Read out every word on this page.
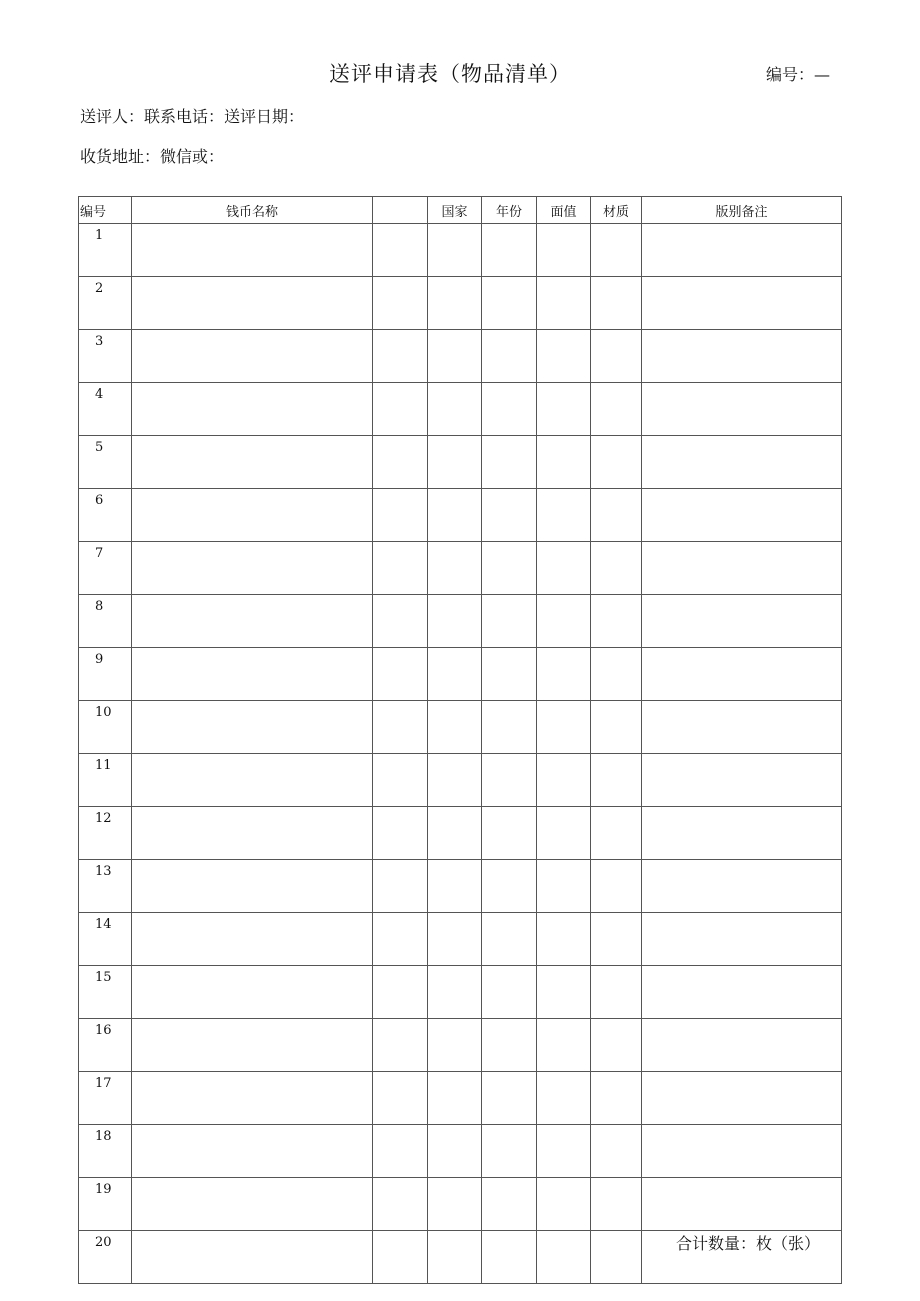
送评申请表（物品清单）	编号：—
送评人：联系电话：送评日期：
收货地址：微信或：
编号	钱币名称		国家	年份	面值	材质	版别备注
1							
2							
3							
4							
5							
6							
7							
8							
9							
10							
11							
12							
13							
14							
15							
16							
17							
18							
19							
20								合计数量：枚（张）
